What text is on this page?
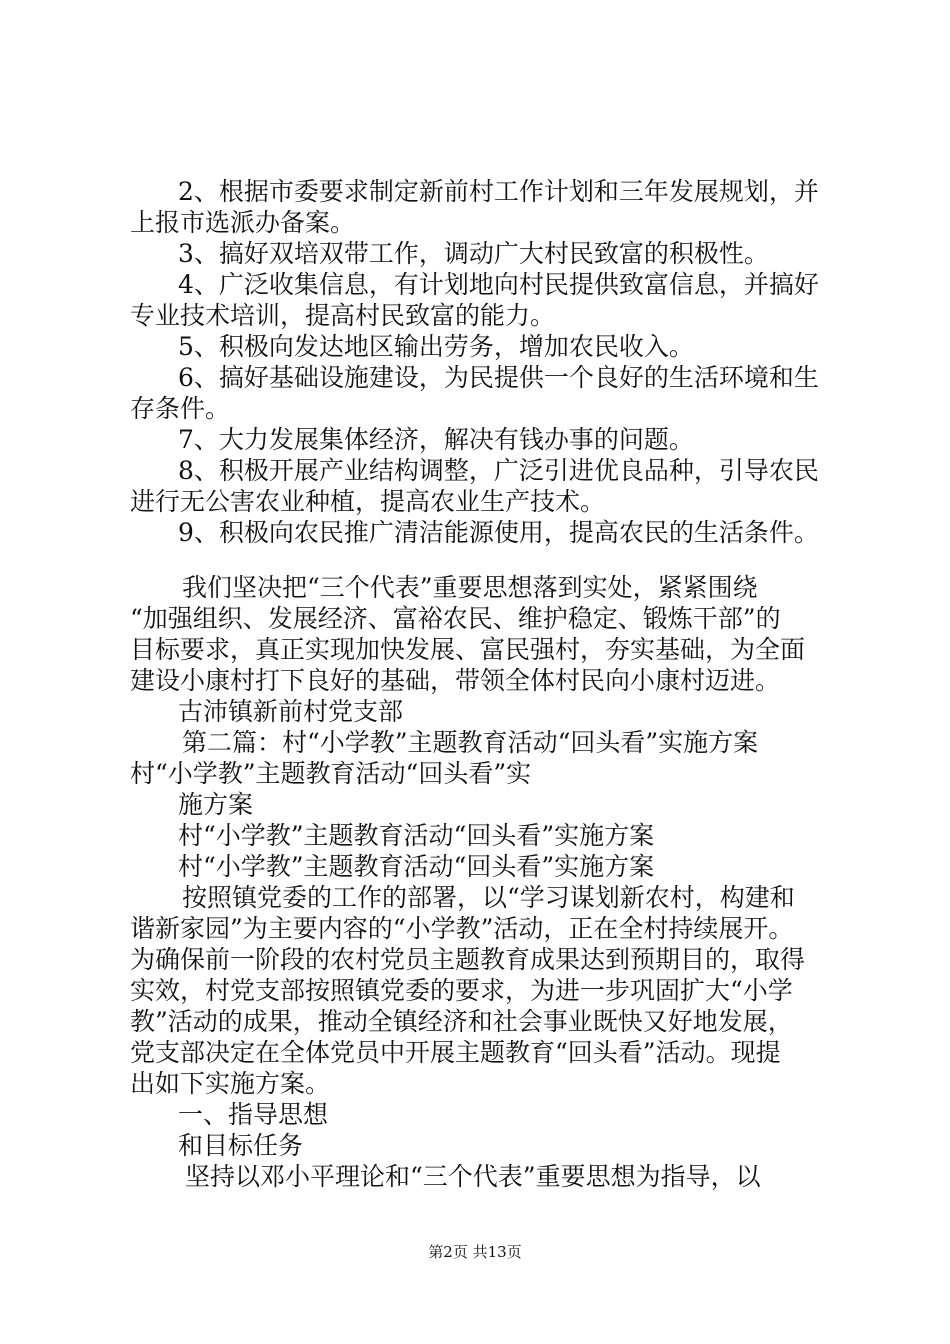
2、根据市委要求制定新前村工作计划和三年发展规划，并

上报市选派办备案。

3、搞好双培双带工作，调动广大村民致富的积极性。

4、广泛收集信息，有计划地向村民提供致富信息，并搞好

专业技术培训，提高村民致富的能力。

5、积极向发达地区输出劳务，增加农民收入。

6、搞好基础设施建设，为民提供一个良好的生活环境和生

存条件。

7、大力发展集体经济，解决有钱办事的问题。

8、积极开展产业结构调整，广泛引进优良品种，引导农民

进行无公害农业种植，提高农业生产技术。

9、积极向农民推广清洁能源使用，提高农民的生活条件。

我们坚决把“三个代表”重要思想落到实处，紧紧围绕

“加强组织、发展经济、富裕农民、维护稳定、锻炼干部”的

目标要求，真正实现加快发展、富民强村，夯实基础，为全面

建设小康村打下良好的基础，带领全体村民向小康村迈进。

古沛镇新前村党支部

第二篇：村“小学教”主题教育活动“回头看”实施方案

村“小学教”主题教育活动“回头看”实

施方案

村“小学教”主题教育活动“回头看”实施方案

村“小学教”主题教育活动“回头看”实施方案

按照镇党委的工作的部署，以“学习谋划新农村，构建和

谐新家园”为主要内容的“小学教”活动，正在全村持续展开。

为确保前一阶段的农村党员主题教育成果达到预期目的，取得

实效，村党支部按照镇党委的要求，为进一步巩固扩大“小学

教”活动的成果，推动全镇经济和社会事业既快又好地发展，

党支部决定在全体党员中开展主题教育“回头看”活动。现提

出如下实施方案。

一、指导思想

和目标任务

坚持以邓小平理论和“三个代表”重要思想为指导，以

第2页 共13页
